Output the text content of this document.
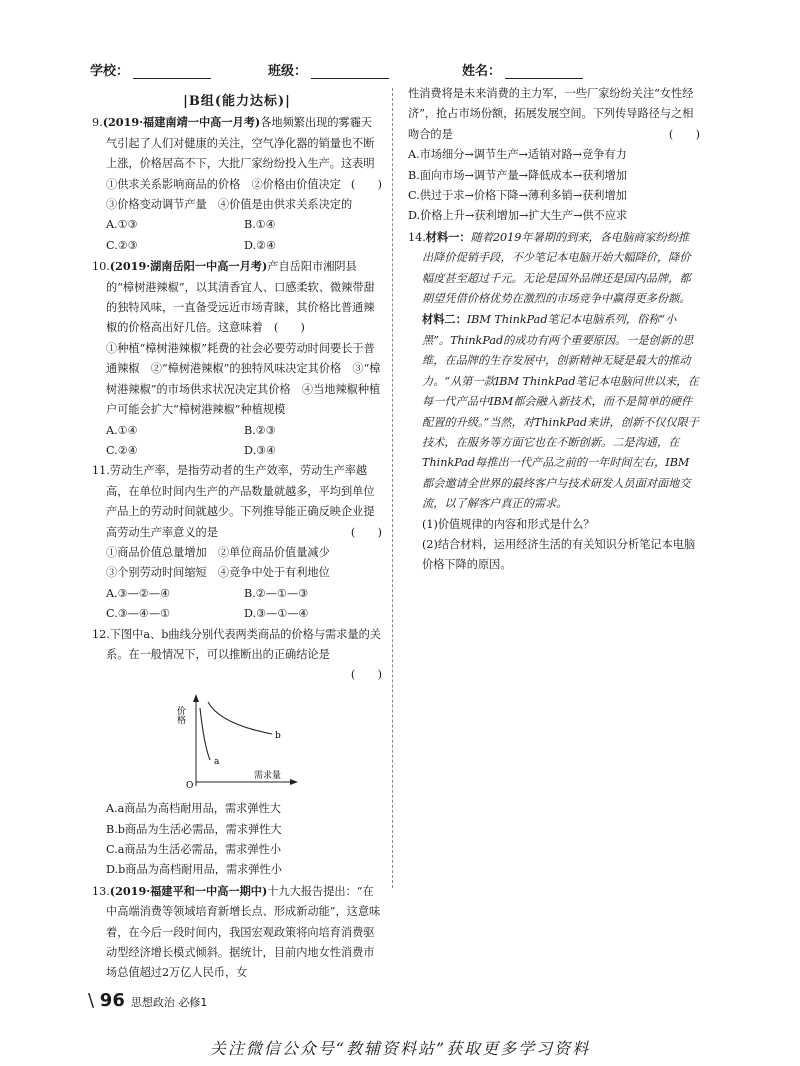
学校：	班级：	姓名：

|B组(能力达标)|

9.(2019·福建南靖一中高一月考)各地频繁出现的雾霾天气引起了人们对健康的关注，空气净化器的销量也不断上涨，价格居高不下，大批厂家纷纷投入生产。这表明
(　　)

①供求关系影响商品的价格　②价格由价值决定

③价格变动调节产量　④价值是由供求关系决定的

A.①③	B.①④
C.②③	D.②④

10.(2019·湖南岳阳一中高一月考)产自岳阳市湘阴县的“樟树港辣椒”，以其清香宜人、口感柔软、微辣带甜的独特风味，一直备受远近市场青睐，其价格比普通辣椒的价格高出好几倍。这意味着　(　　)

①种植“樟树港辣椒”耗费的社会必要劳动时间要长于普通辣椒　②“樟树港辣椒”的独特风味决定其价格　③“樟树港辣椒”的市场供求状况决定其价格　④当地辣椒种植户可能会扩大“樟树港辣椒”种植规模

A.①④	B.②③
C.②④	D.③④

11.劳动生产率，是指劳动者的生产效率，劳动生产率越高，在单位时间内生产的产品数量就越多，平均到单位产品上的劳动时间就越少。下列推导能正确反映企业提高劳动生产率意义的是	(　　)

①商品价值总量增加　②单位商品价值量减少

③个别劳动时间缩短　④竞争中处于有利地位

A.③—②—④	B.②—①—③
C.③—④—①	D.③—①—④

12.下图中a、b曲线分别代表两类商品的价格与需求量的关系。在一般情况下，可以推断出的正确结论是

(　　)

价格
a
b
O
需求量

A.a商品为高档耐用品，需求弹性大

B.b商品为生活必需品，需求弹性大

C.a商品为生活必需品，需求弹性小

D.b商品为高档耐用品，需求弹性小

13.(2019·福建平和一中高一期中)十九大报告提出：“在中高端消费等领域培育新增长点、形成新动能”，这意味着，在今后一段时间内，我国宏观政策将向培育消费驱动型经济增长模式倾斜。据统计，目前内地女性消费市场总值超过2万亿人民币，女

性消费将是未来消费的主力军，一些厂家纷纷关注“女性经济”，抢占市场份额，拓展发展空间。下列传导路径与之相吻合的是	(　　)

A.市场细分→调节生产→适销对路→竞争有力

B.面向市场→调节产量→降低成本→获利增加

C.供过于求→价格下降→薄利多销→获利增加

D.价格上升→获利增加→扩大生产→供不应求

14.材料一：随着2019年暑期的到来，各电脑商家纷纷推出降价促销手段，不少笔记本电脑开始大幅降价，降价幅度甚至超过千元。无论是国外品牌还是国内品牌，都期望凭借价格优势在激烈的市场竞争中赢得更多份额。

材料二：IBM ThinkPad笔记本电脑系列，俗称“小黑”。ThinkPad的成功有两个重要原因。一是创新的思维，在品牌的生存发展中，创新精神无疑是最大的推动力。“从第一款IBM ThinkPad笔记本电脑问世以来，在每一代产品中IBM都会融入新技术，而不是简单的硬件配置的升级。”当然，对ThinkPad来讲，创新不仅仅限于技术，在服务等方面它也在不断创新。二是沟通，在ThinkPad每推出一代产品之前的一年时间左右，IBM都会邀请全世界的最终客户与技术研发人员面对面地交流，以了解客户真正的需求。

(1)价值规律的内容和形式是什么？

(2)结合材料，运用经济生活的有关知识分析笔记本电脑价格下降的原因。

\ 96 思想政治 必修1
关注微信公众号“教辅资料站”获取更多学习资料
